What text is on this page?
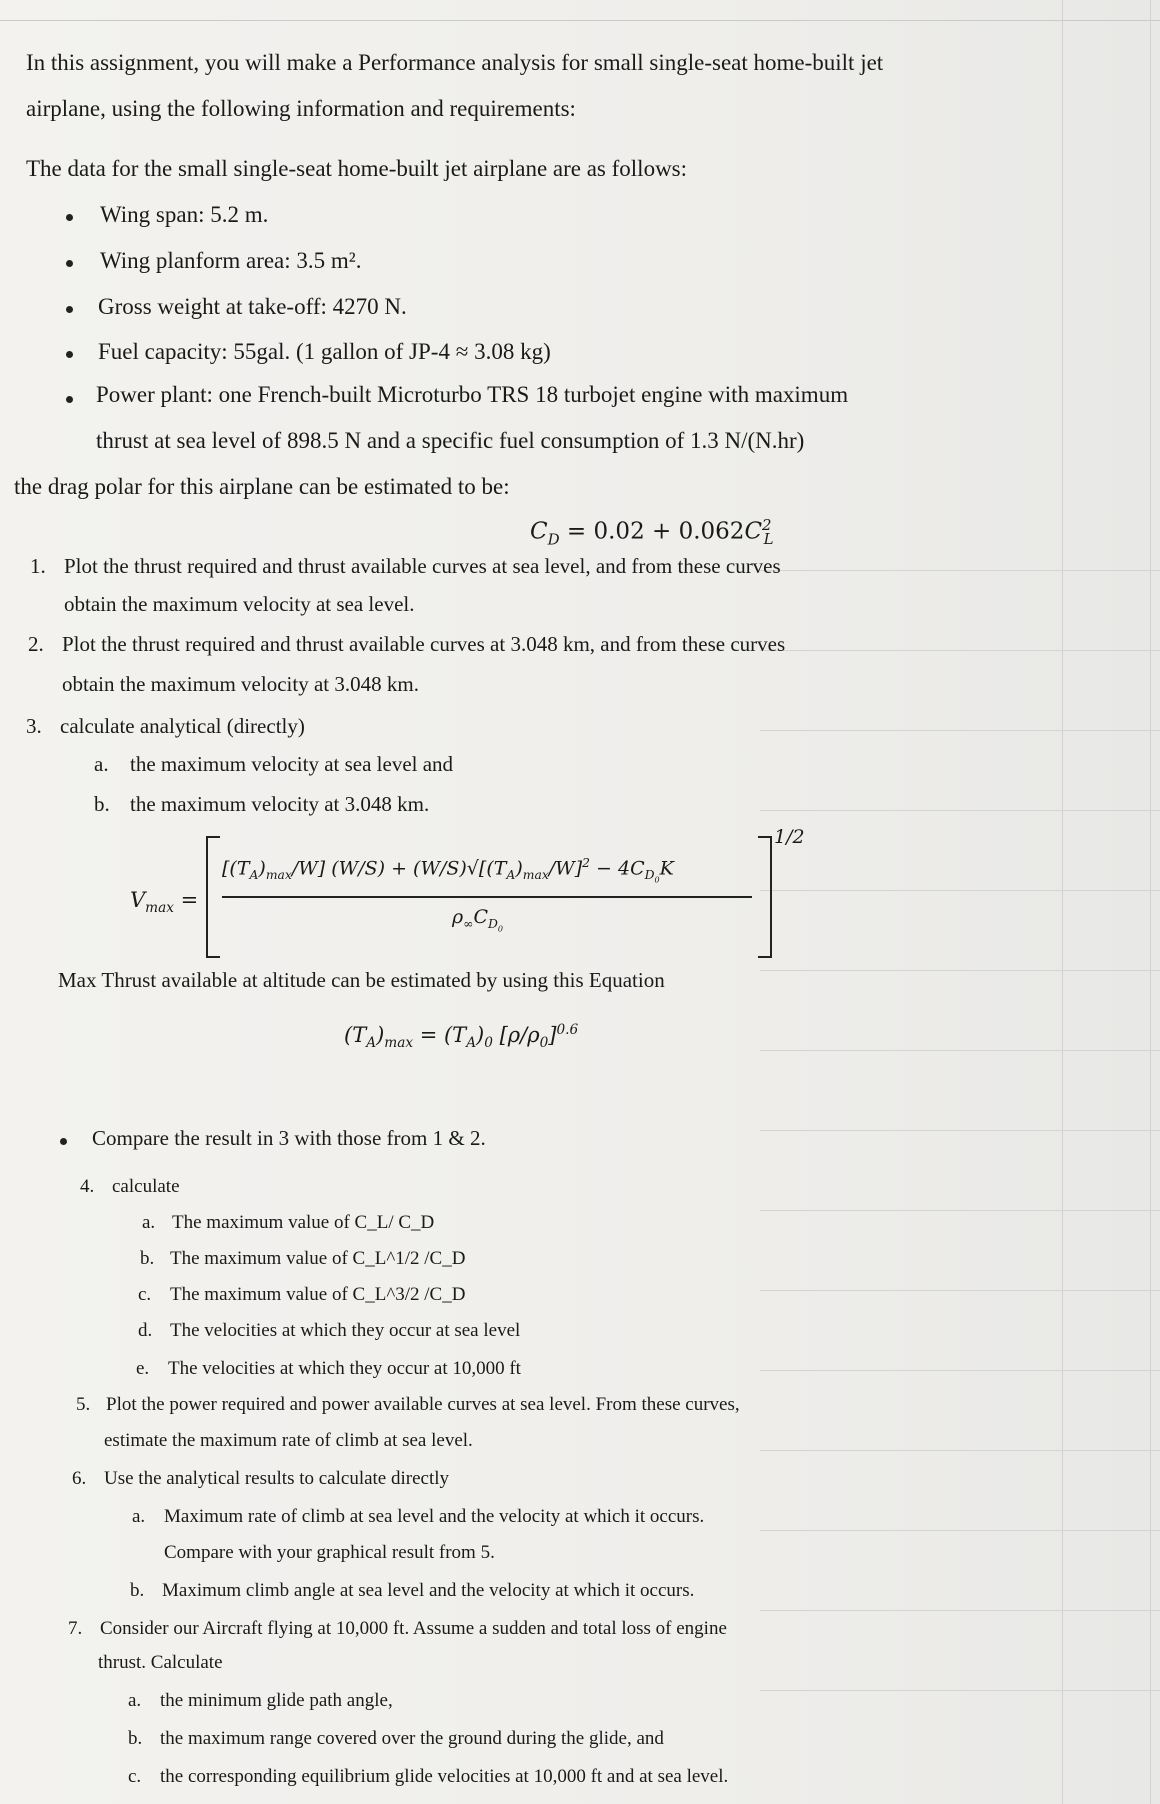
In this assignment, you will make a Performance analysis for small single-seat home-built jet
airplane, using the following information and requirements:
The data for the small single-seat home-built jet airplane are as follows:
Wing span: 5.2 m.
Wing planform area: 3.5 m².
Gross weight at take-off: 4270 N.
Fuel capacity: 55gal. (1 gallon of JP-4 ≈ 3.08 kg)
Power plant: one French-built Microturbo TRS 18 turbojet engine with maximum
thrust at sea level of 898.5 N and a specific fuel consumption of 1.3 N/(N.hr)
the drag polar for this airplane can be estimated to be:
$C_D = 0.02 + 0.062C^2_L$
1. Plot the thrust required and thrust available curves at sea level, and from these curves
obtain the maximum velocity at sea level.
2. Plot the thrust required and thrust available curves at 3.048 km, and from these curves
obtain the maximum velocity at 3.048 km.
3. calculate analytical (directly)
a. the maximum velocity at sea level and
b. the maximum velocity at 3.048 km.
$V_{max}$ =
$[(T_A)_{max}/W] (W/S) + (W/S)√[(T_A)_{max}/W]^2 - 4C_{D_0}K$
$\rho_\infty C_{D_0}$
1/2
Max Thrust available at altitude can be estimated by using this Equation
$(T_A)_{max} = (T_A)_0$ $[\rho/\rho_0]^{0.6}$
Compare the result in 3 with those from 1 & 2.
4. calculate
a. The maximum value of C_L/ C_D
b. The maximum value of C_L^1/2 /C_D
c. The maximum value of C_L^3/2 /C_D
d. The velocities at which they occur at sea level
e. The velocities at which they occur at 10,000 ft
5. Plot the power required and power available curves at sea level. From these curves,
estimate the maximum rate of climb at sea level.
6. Use the analytical results to calculate directly
a. Maximum rate of climb at sea level and the velocity at which it occurs.
Compare with your graphical result from 5.
b. Maximum climb angle at sea level and the velocity at which it occurs.
7. Consider our Aircraft flying at 10,000 ft. Assume a sudden and total loss of engine
thrust. Calculate
a. the minimum glide path angle,
b. the maximum range covered over the ground during the glide, and
c. the corresponding equilibrium glide velocities at 10,000 ft and at sea level.
